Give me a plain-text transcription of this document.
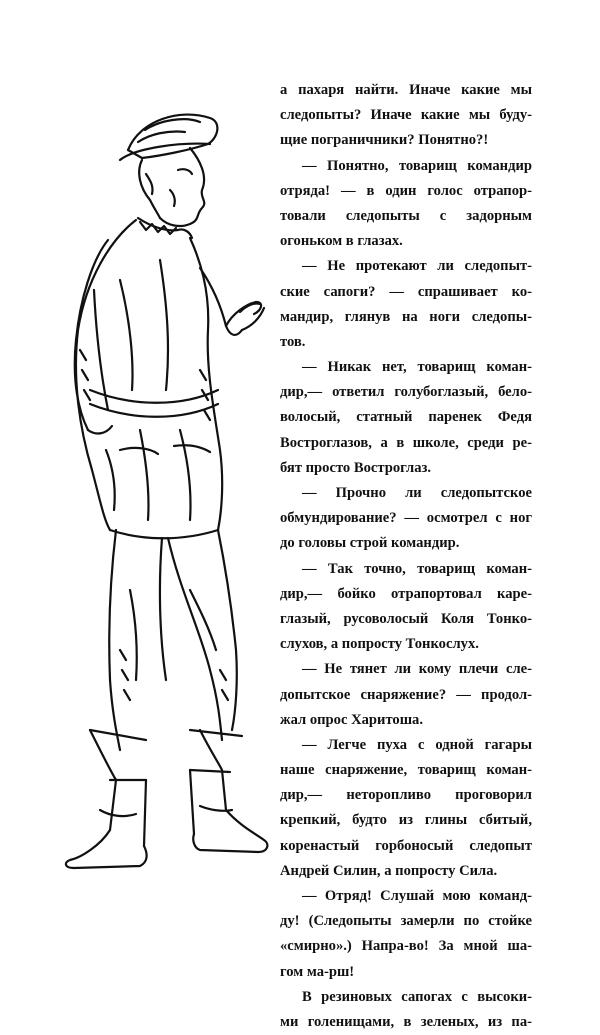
а пахаря найти. Иначе какие мы
следопыты? Иначе какие мы буду-
щие пограничники? Понятно?!
— Понятно, товарищ командир
отряда! — в один голос отрапор-
товали следопыты с задорным
огоньком в глазах.
— Не протекают ли следопыт-
ские сапоги? — спрашивает ко-
мандир, глянув на ноги следопы-
тов.
— Никак нет, товарищ коман-
дир,— ответил голубоглазый, бело-
волосый, статный паренек Федя
Востроглазов, а в школе, среди ре-
бят просто Востроглаз.
— Прочно ли следопытское
обмундирование? — осмотрел с ног
до головы строй командир.
— Так точно, товарищ коман-
дир,— бойко отрапортовал каре-
глазый, русоволосый Коля Тонко-
слухов, а попросту Тонкослух.
— Не тянет ли кому плечи сле-
допытское снаряжение? — продол-
жал опрос Харитоша.
— Легче пуха с одной гагары
наше снаряжение, товарищ коман-
дир,— неторопливо проговорил
крепкий, будто из глины сбитый,
коренастый горбоносый следопыт
Андрей Силин, а попросту Сила.
— Отряд! Слушай мою команд-
ду! (Следопыты замерли по стойке
«смирно».) Напра-во! За мной ша-
гом ма-рш!
В резиновых сапогах с высоки-
ми голенищами, в зеленых, из па-
